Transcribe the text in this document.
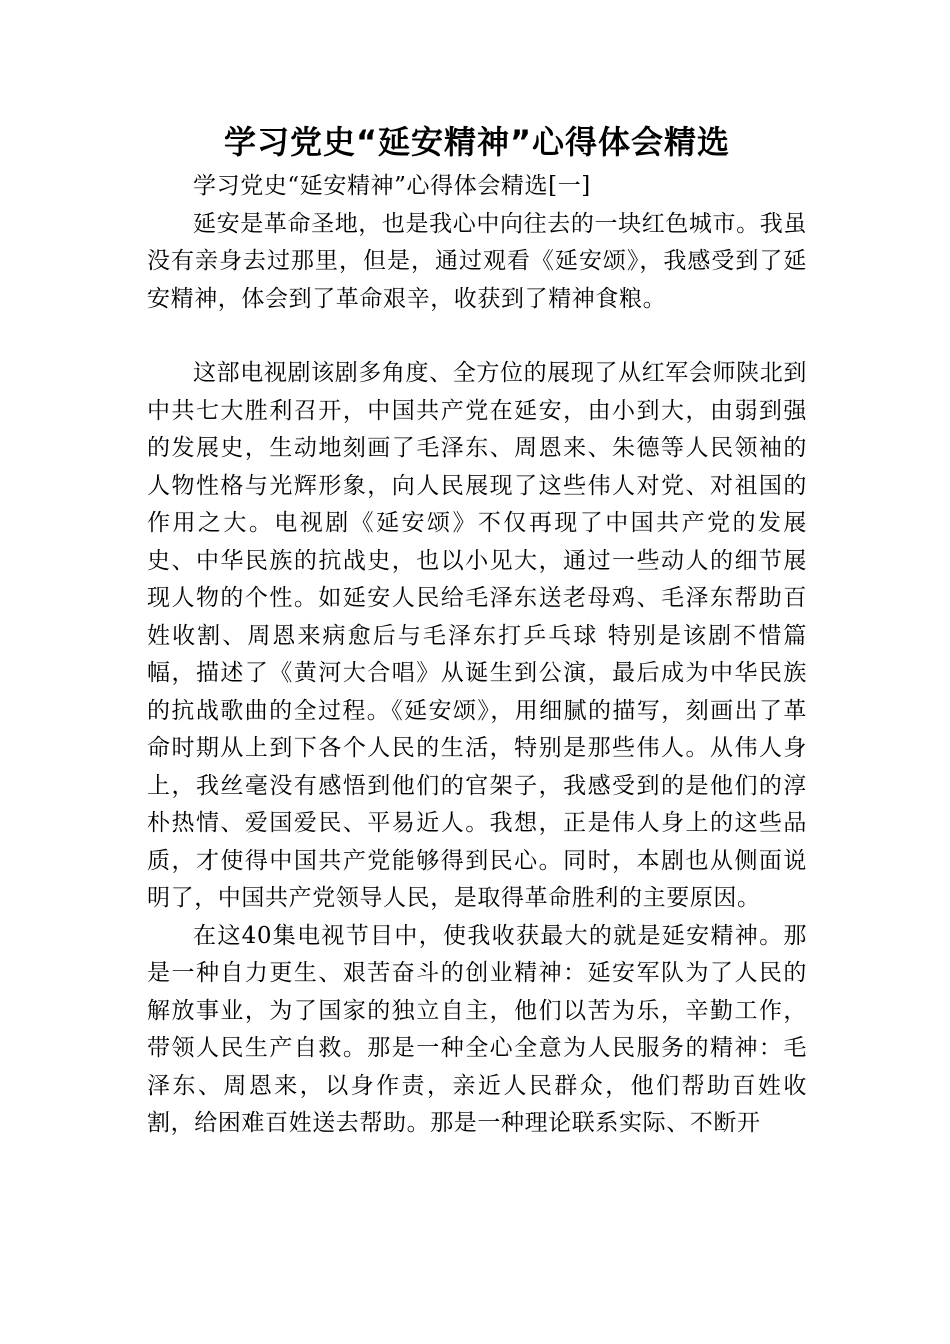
学习党史“延安精神”心得体会精选

学习党史“延安精神”心得体会精选[一]

延安是革命圣地，也是我心中向往去的一块红色城市。我虽没有亲身去过那里，但是，通过观看《延安颂》，我感受到了延安精神，体会到了革命艰辛，收获到了精神食粮。

这部电视剧该剧多角度、全方位的展现了从红军会师陕北到中共七大胜利召开，中国共产党在延安，由小到大，由弱到强的发展史，生动地刻画了毛泽东、周恩来、朱德等人民领袖的人物性格与光辉形象，向人民展现了这些伟人对党、对祖国的作用之大。电视剧《延安颂》不仅再现了中国共产党的发展史、中华民族的抗战史，也以小见大，通过一些动人的细节展现人物的个性。如延安人民给毛泽东送老母鸡、毛泽东帮助百姓收割、周恩来病愈后与毛泽东打乒乓球 特别是该剧不惜篇幅，描述了《黄河大合唱》从诞生到公演，最后成为中华民族的抗战歌曲的全过程。《延安颂》，用细腻的描写，刻画出了革命时期从上到下各个人民的生活，特别是那些伟人。从伟人身上，我丝毫没有感悟到他们的官架子，我感受到的是他们的淳朴热情、爱国爱民、平易近人。我想，正是伟人身上的这些品质，才使得中国共产党能够得到民心。同时，本剧也从侧面说明了，中国共产党领导人民，是取得革命胜利的主要原因。

在这40集电视节目中，使我收获最大的就是延安精神。那是一种自力更生、艰苦奋斗的创业精神：延安军队为了人民的解放事业，为了国家的独立自主，他们以苦为乐，辛勤工作，带领人民生产自救。那是一种全心全意为人民服务的精神：毛泽东、周恩来，以身作责，亲近人民群众，他们帮助百姓收割，给困难百姓送去帮助。那是一种理论联系实际、不断开
